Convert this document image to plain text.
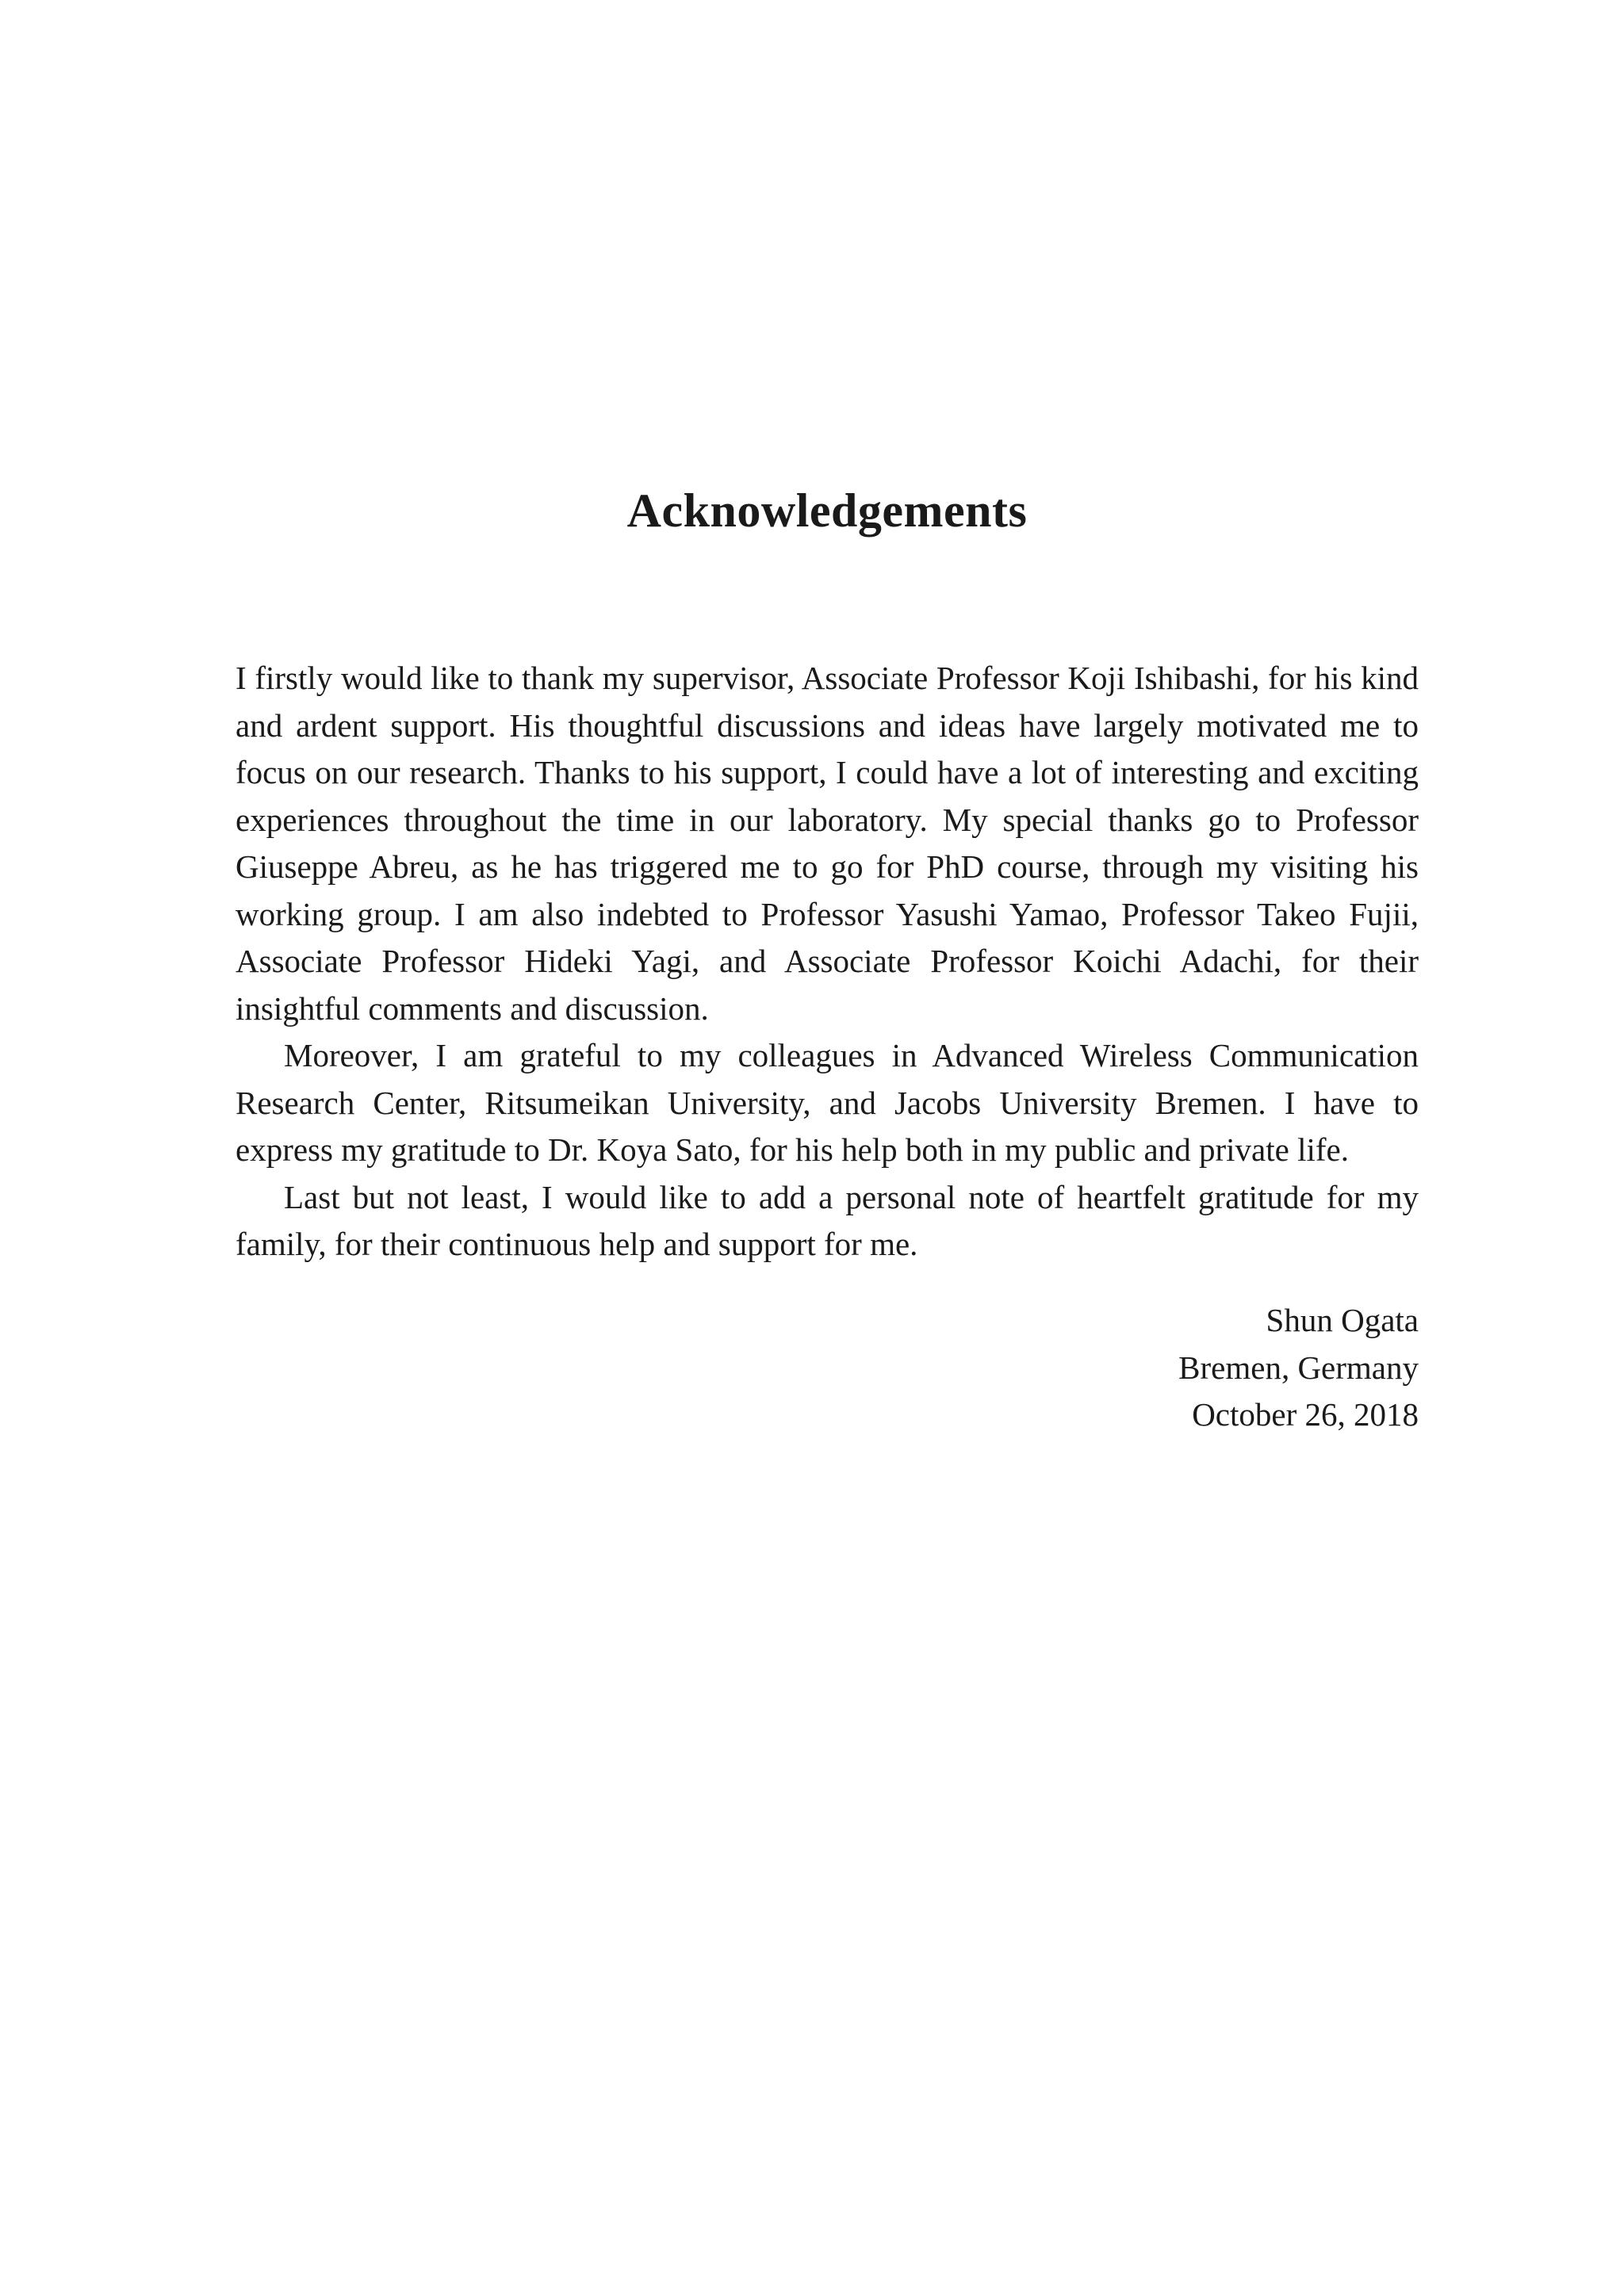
Acknowledgements

I firstly would like to thank my supervisor, Associate Professor Koji Ishibashi, for his kind and ardent support. His thoughtful discussions and ideas have largely motivated me to focus on our research. Thanks to his support, I could have a lot of interesting and exciting experiences throughout the time in our laboratory. My special thanks go to Professor Giuseppe Abreu, as he has triggered me to go for PhD course, through my visiting his working group. I am also indebted to Professor Yasushi Yamao, Professor Takeo Fujii, Associate Professor Hideki Yagi, and Associate Professor Koichi Adachi, for their insightful comments and discussion.

Moreover, I am grateful to my colleagues in Advanced Wireless Communication Research Center, Ritsumeikan University, and Jacobs University Bremen. I have to express my gratitude to Dr. Koya Sato, for his help both in my public and private life.

Last but not least, I would like to add a personal note of heartfelt gratitude for my family, for their continuous help and support for me.

Shun Ogata
Bremen, Germany
October 26, 2018
